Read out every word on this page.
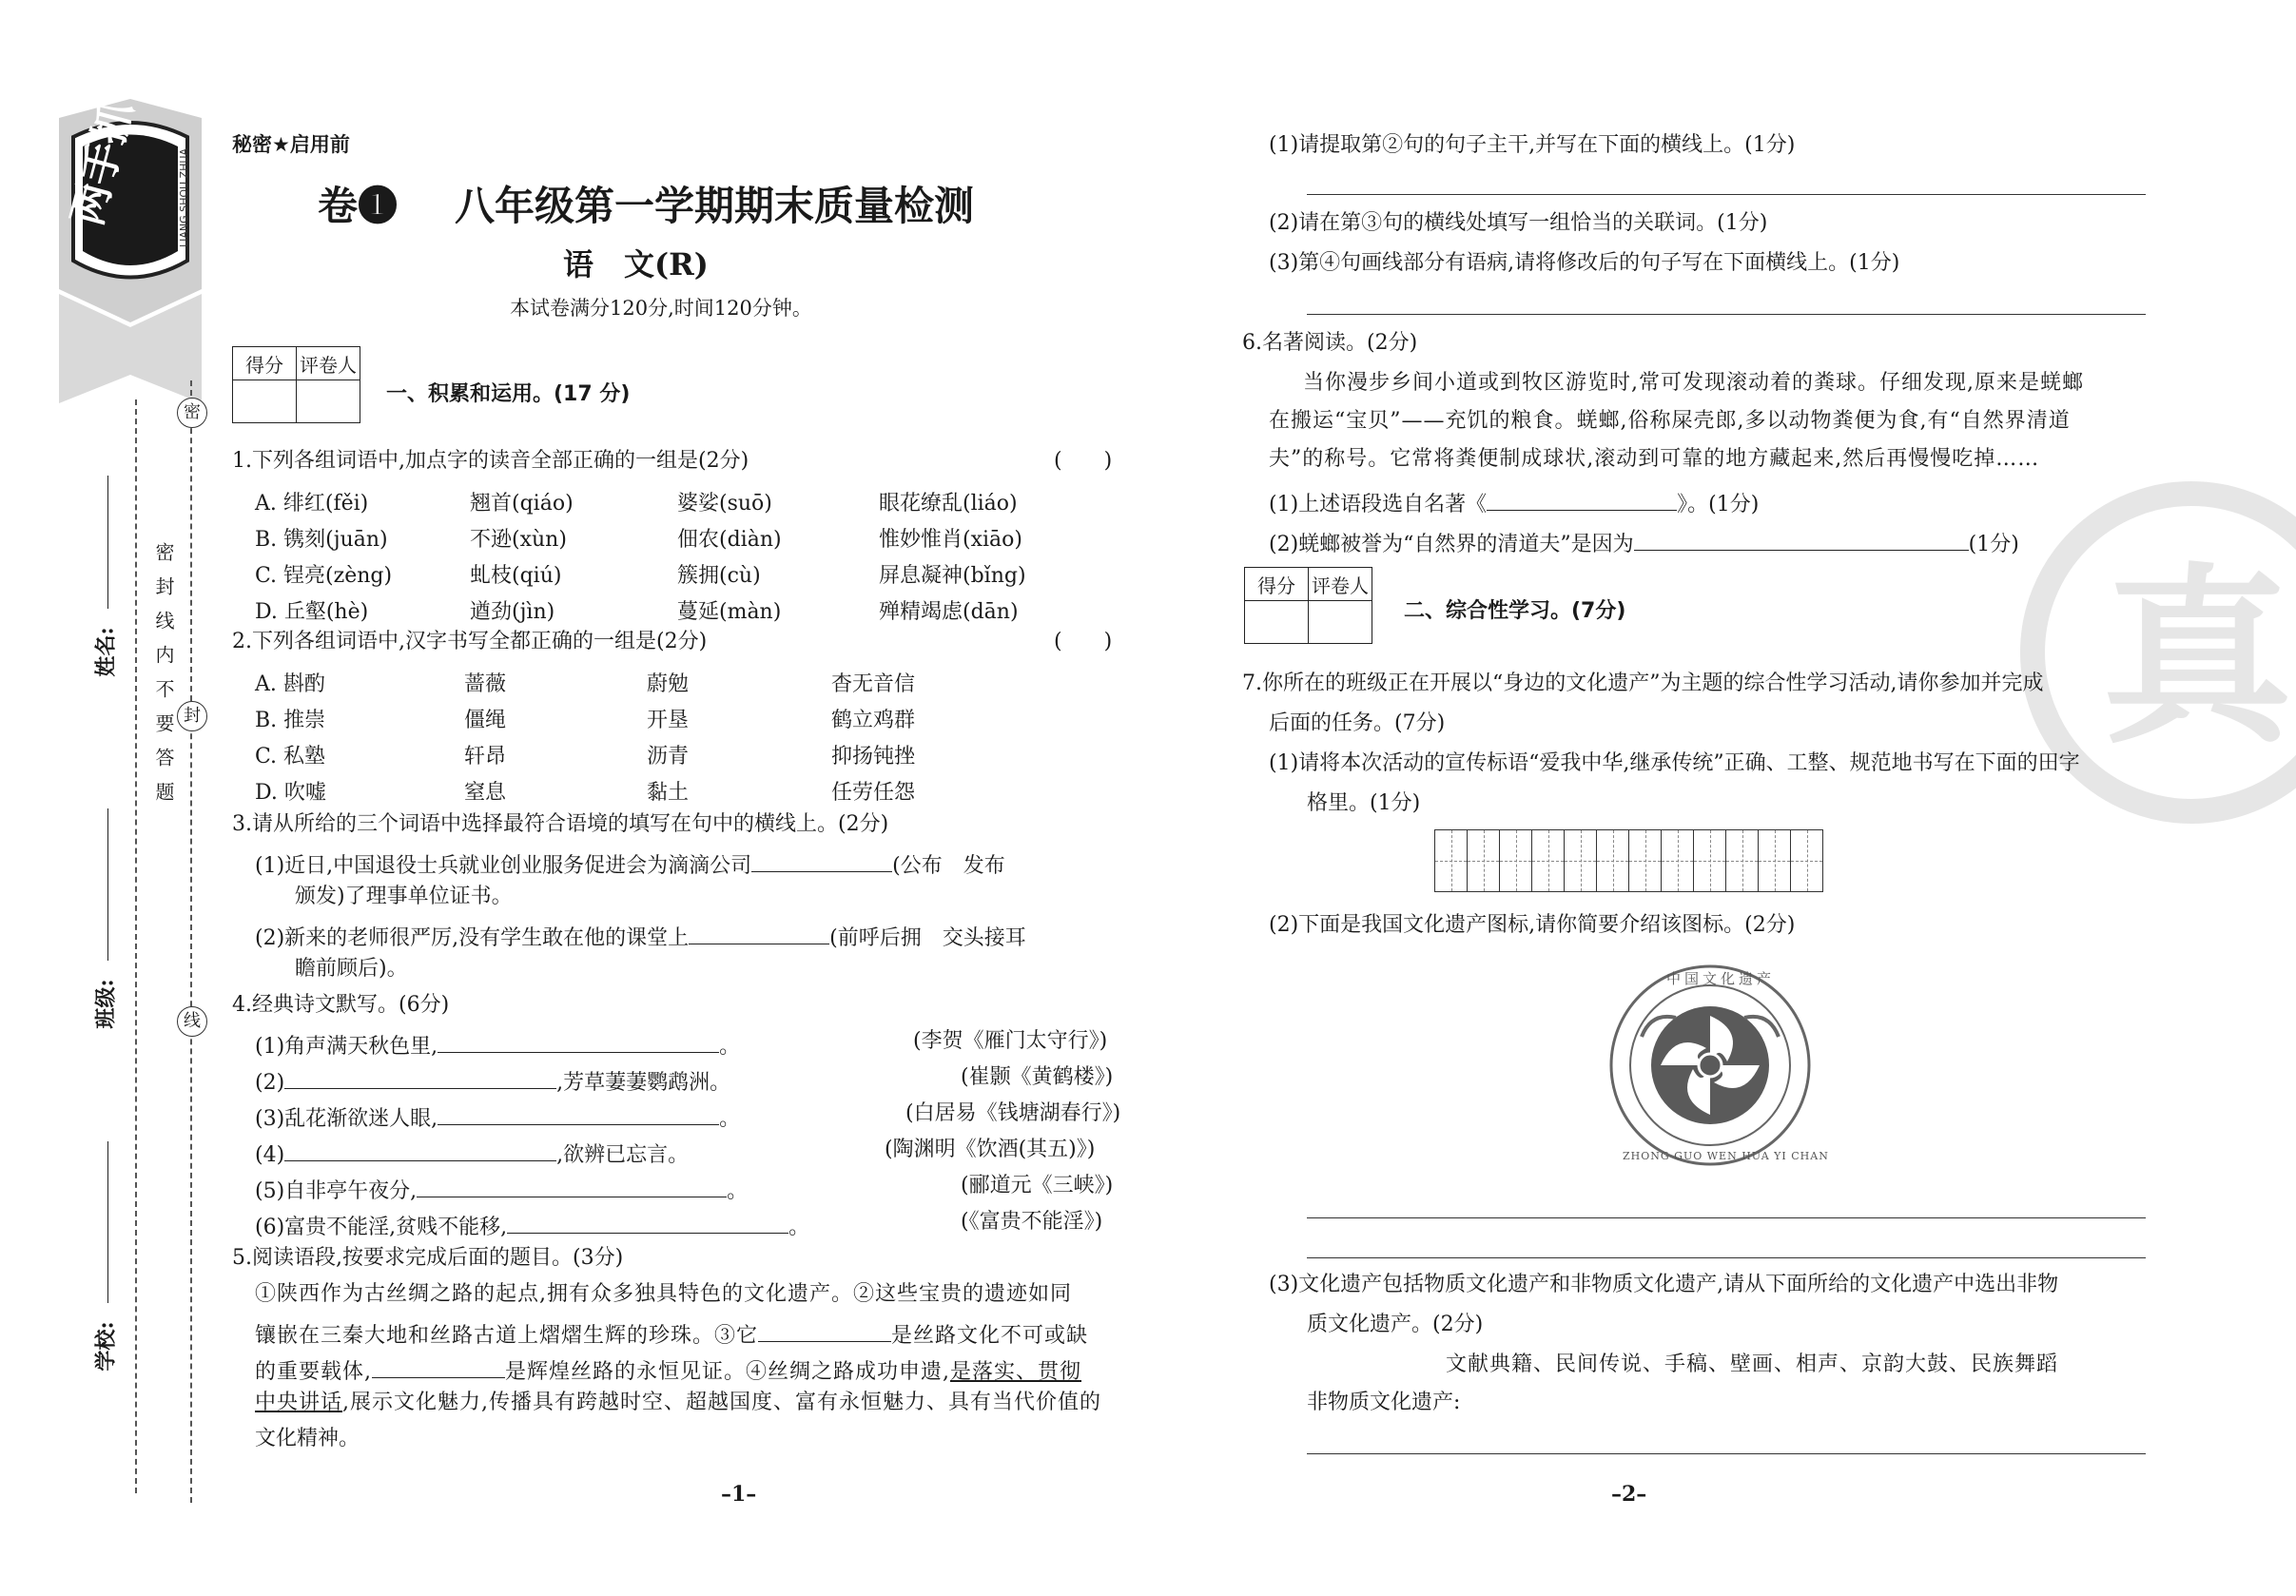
两手抓	LIANG SHOU ZHUA
密
封
线
密封线内不要答题
姓名:
班级:
学校:
秘密★启用前
卷❶ 八年级第一学期期末质量检测
语　文(R)
本试卷满分120分,时间120分钟。
得分	评卷人

一、积累和运用。(17 分)
1.下列各组词语中,加点字的读音全部正确的一组是(2分)	(　　)
A. 绯红(fěi)	翘首(qiáo)	婆娑(suō)	眼花缭乱(liáo)
B. 镌刻(juān)	不逊(xùn)	佃农(diàn)	惟妙惟肖(xiāo)
C. 锃亮(zèng)	虬枝(qiú)	簇拥(cù)	屏息凝神(bǐng)
D. 丘壑(hè)	遒劲(jìn)	蔓延(màn)	殚精竭虑(dān)
2.下列各组词语中,汉字书写全都正确的一组是(2分)	(　　)
A. 斟酌	蔷薇	蔚勉	杳无音信
B. 推崇	僵绳	开垦	鹤立鸡群
C. 私塾	轩昂	沥青	抑扬钝挫
D. 吹嘘	窒息	黏土	任劳任怨
3.请从所给的三个词语中选择最符合语境的填写在句中的横线上。(2分)
(1)近日,中国退役士兵就业创业服务促进会为滴滴公司	(公布　发布
颁发)了理事单位证书。
(2)新来的老师很严厉,没有学生敢在他的课堂上	(前呼后拥　交头接耳
瞻前顾后)。
4.经典诗文默写。(6分)
(1)角声满天秋色里,	。	(李贺《雁门太守行》)
(2)	,芳草萋萋鹦鹉洲。	(崔颢《黄鹤楼》)
(3)乱花渐欲迷人眼,	。	(白居易《钱塘湖春行》)
(4)	,欲辨已忘言。	(陶渊明《饮酒(其五)》)
(5)自非亭午夜分,	。	(郦道元《三峡》)
(6)富贵不能淫,贫贱不能移,	。	(《富贵不能淫》)
5.阅读语段,按要求完成后面的题目。(3分)
①陕西作为古丝绸之路的起点,拥有众多独具特色的文化遗产。②这些宝贵的遗迹如同
镶嵌在三秦大地和丝路古道上熠熠生辉的珍珠。③它	是丝路文化不可或缺
的重要载体,	是辉煌丝路的永恒见证。④丝绸之路成功申遗,是落实、贯彻
中央讲话,展示文化魅力,传播具有跨越时空、超越国度、富有永恒魅力、具有当代价值的
文化精神。
–1–
真
(1)请提取第②句的句子主干,并写在下面的横线上。(1分)
(2)请在第③句的横线处填写一组恰当的关联词。(1分)
(3)第④句画线部分有语病,请将修改后的句子写在下面横线上。(1分)
6.名著阅读。(2分)
当你漫步乡间小道或到牧区游览时,常可发现滚动着的粪球。仔细发现,原来是蜣螂
在搬运“宝贝”——充饥的粮食。蜣螂,俗称屎壳郎,多以动物粪便为食,有“自然界清道
夫”的称号。它常将粪便制成球状,滚动到可靠的地方藏起来,然后再慢慢吃掉……
(1)上述语段选自名著《	》。(1分)
(2)蜣螂被誉为“自然界的清道夫”是因为	(1分)
得分	评卷人

二、综合性学习。(7分)
7.你所在的班级正在开展以“身边的文化遗产”为主题的综合性学习活动,请你参加并完成
后面的任务。(7分)
(1)请将本次活动的宣传标语“爱我中华,继承传统”正确、工整、规范地书写在下面的田字
格里。(1分)
(2)下面是我国文化遗产图标,请你简要介绍该图标。(2分)
中国文化遗产
ZHONG GUO WEN HUA YI CHAN
(3)文化遗产包括物质文化遗产和非物质文化遗产,请从下面所给的文化遗产中选出非物
质文化遗产。(2分)
文献典籍、民间传说、手稿、壁画、相声、京韵大鼓、民族舞蹈
非物质文化遗产:
–2–
